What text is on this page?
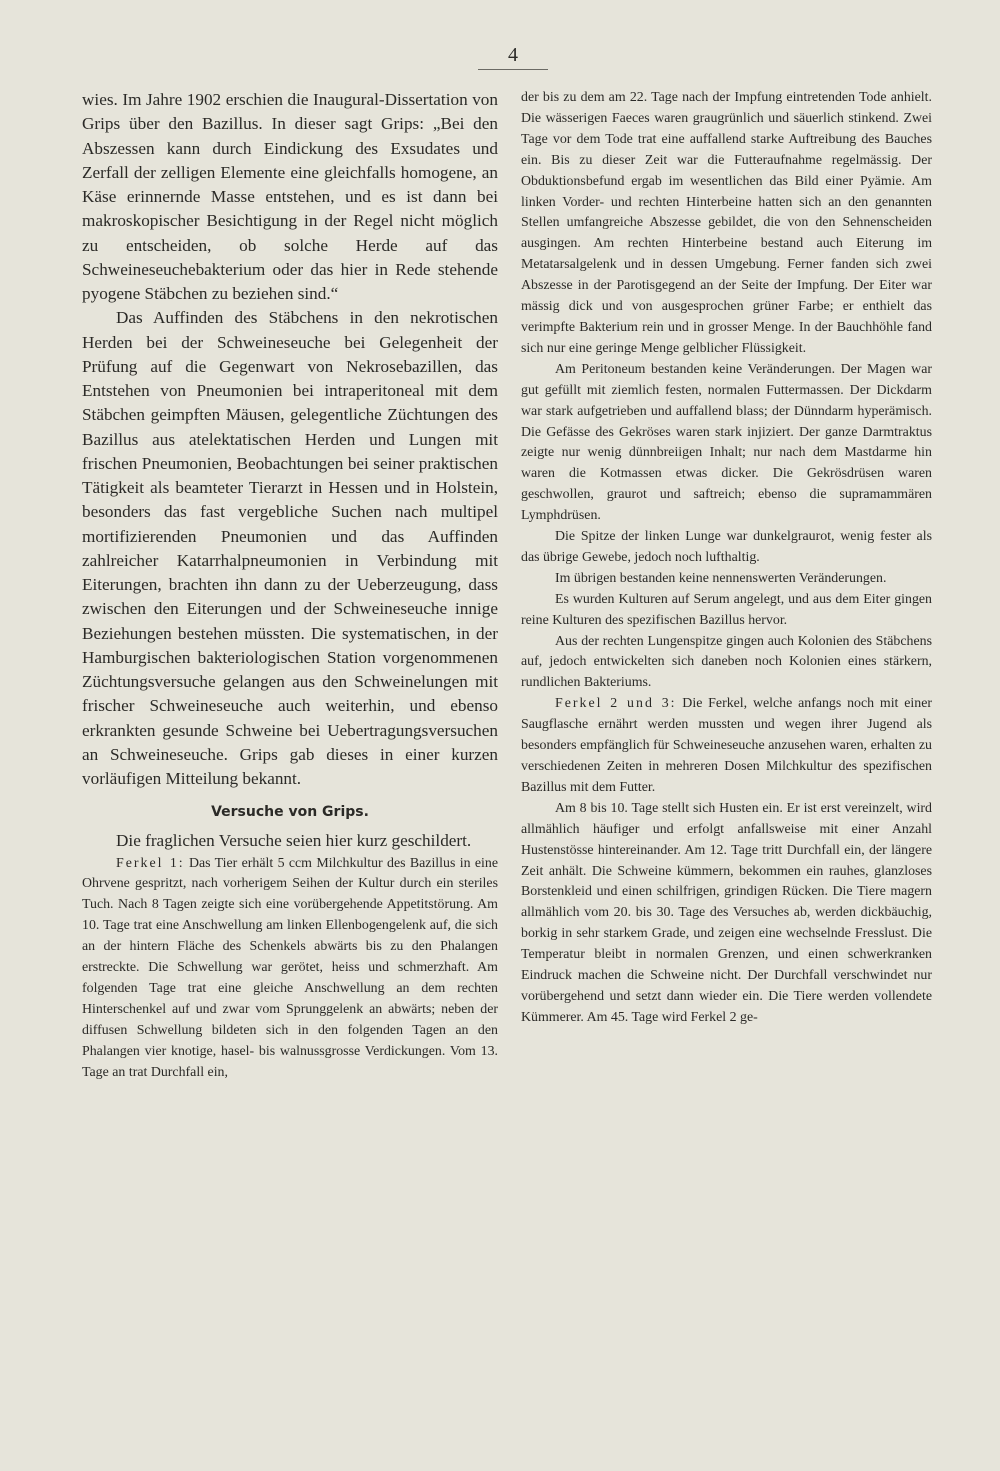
4

wies. Im Jahre 1902 erschien die Inaugural-Dissertation von Grips über den Bazillus. In dieser sagt Grips: „Bei den Abszessen kann durch Eindickung des Exsudates und Zerfall der zelligen Elemente eine gleichfalls homogene, an Käse erinnernde Masse entstehen, und es ist dann bei makroskopischer Besichtigung in der Regel nicht möglich zu entscheiden, ob solche Herde auf das Schweineseuchebakterium oder das hier in Rede stehende pyogene Stäbchen zu beziehen sind.“

Das Auffinden des Stäbchens in den nekrotischen Herden bei der Schweineseuche bei Gelegenheit der Prüfung auf die Gegenwart von Nekrosebazillen, das Entstehen von Pneumonien bei intraperitoneal mit dem Stäbchen geimpften Mäusen, gelegentliche Züchtungen des Bazillus aus atelektatischen Herden und Lungen mit frischen Pneumonien, Beobachtungen bei seiner praktischen Tätigkeit als beamteter Tierarzt in Hessen und in Holstein, besonders das fast vergebliche Suchen nach multipel mortifizierenden Pneumonien und das Auffinden zahlreicher Katarrhalpneumonien in Verbindung mit Eiterungen, brachten ihn dann zu der Ueberzeugung, dass zwischen den Eiterungen und der Schweineseuche innige Beziehungen bestehen müssten. Die systematischen, in der Hamburgischen bakteriologischen Station vorgenommenen Züchtungsversuche gelangen aus den Schweinelungen mit frischer Schweineseuche auch weiterhin, und ebenso erkrankten gesunde Schweine bei Uebertragungsversuchen an Schweineseuche. Grips gab dieses in einer kurzen vorläufigen Mitteilung bekannt.

Versuche von Grips.

Die fraglichen Versuche seien hier kurz geschildert.

Ferkel 1: Das Tier erhält 5 ccm Milchkultur des Bazillus in eine Ohrvene gespritzt, nach vorherigem Seihen der Kultur durch ein steriles Tuch. Nach 8 Tagen zeigte sich eine vorübergehende Appetitstörung. Am 10. Tage trat eine Anschwellung am linken Ellenbogengelenk auf, die sich an der hintern Fläche des Schenkels abwärts bis zu den Phalangen erstreckte. Die Schwellung war gerötet, heiss und schmerzhaft. Am folgenden Tage trat eine gleiche Anschwellung an dem rechten Hinterschenkel auf und zwar vom Sprunggelenk an abwärts; neben der diffusen Schwellung bildeten sich in den folgenden Tagen an den Phalangen vier knotige, hasel- bis walnussgrosse Verdickungen. Vom 13. Tage an trat Durchfall ein,

der bis zu dem am 22. Tage nach der Impfung eintretenden Tode anhielt. Die wässerigen Faeces waren graugrünlich und säuerlich stinkend. Zwei Tage vor dem Tode trat eine auffallend starke Auftreibung des Bauches ein. Bis zu dieser Zeit war die Futteraufnahme regelmässig. Der Obduktionsbefund ergab im wesentlichen das Bild einer Pyämie. Am linken Vorder- und rechten Hinterbeine hatten sich an den genannten Stellen umfangreiche Abszesse gebildet, die von den Sehnenscheiden ausgingen. Am rechten Hinterbeine bestand auch Eiterung im Metatarsalgelenk und in dessen Umgebung. Ferner fanden sich zwei Abszesse in der Parotisgegend an der Seite der Impfung. Der Eiter war mässig dick und von ausgesprochen grüner Farbe; er enthielt das verimpfte Bakterium rein und in grosser Menge. In der Bauchhöhle fand sich nur eine geringe Menge gelblicher Flüssigkeit.

Am Peritoneum bestanden keine Veränderungen. Der Magen war gut gefüllt mit ziemlich festen, normalen Futtermassen. Der Dickdarm war stark aufgetrieben und auffallend blass; der Dünndarm hyperämisch. Die Gefässe des Gekröses waren stark injiziert. Der ganze Darmtraktus zeigte nur wenig dünnbreiigen Inhalt; nur nach dem Mastdarme hin waren die Kotmassen etwas dicker. Die Gekrösdrüsen waren geschwollen, graurot und saftreich; ebenso die supramammären Lymphdrüsen.

Die Spitze der linken Lunge war dunkelgraurot, wenig fester als das übrige Gewebe, jedoch noch lufthaltig.

Im übrigen bestanden keine nennenswerten Veränderungen.

Es wurden Kulturen auf Serum angelegt, und aus dem Eiter gingen reine Kulturen des spezifischen Bazillus hervor.

Aus der rechten Lungenspitze gingen auch Kolonien des Stäbchens auf, jedoch entwickelten sich daneben noch Kolonien eines stärkern, rundlichen Bakteriums.

Ferkel 2 und 3: Die Ferkel, welche anfangs noch mit einer Saugflasche ernährt werden mussten und wegen ihrer Jugend als besonders empfänglich für Schweineseuche anzusehen waren, erhalten zu verschiedenen Zeiten in mehreren Dosen Milchkultur des spezifischen Bazillus mit dem Futter.

Am 8 bis 10. Tage stellt sich Husten ein. Er ist erst vereinzelt, wird allmählich häufiger und erfolgt anfallsweise mit einer Anzahl Hustenstösse hintereinander. Am 12. Tage tritt Durchfall ein, der längere Zeit anhält. Die Schweine kümmern, bekommen ein rauhes, glanzloses Borstenkleid und einen schilfrigen, grindigen Rücken. Die Tiere magern allmählich vom 20. bis 30. Tage des Versuches ab, werden dickbäuchig, borkig in sehr starkem Grade, und zeigen eine wechselnde Fresslust. Die Temperatur bleibt in normalen Grenzen, und einen schwerkranken Eindruck machen die Schweine nicht. Der Durchfall verschwindet nur vorübergehend und setzt dann wieder ein. Die Tiere werden vollendete Kümmerer. Am 45. Tage wird Ferkel 2 ge-
